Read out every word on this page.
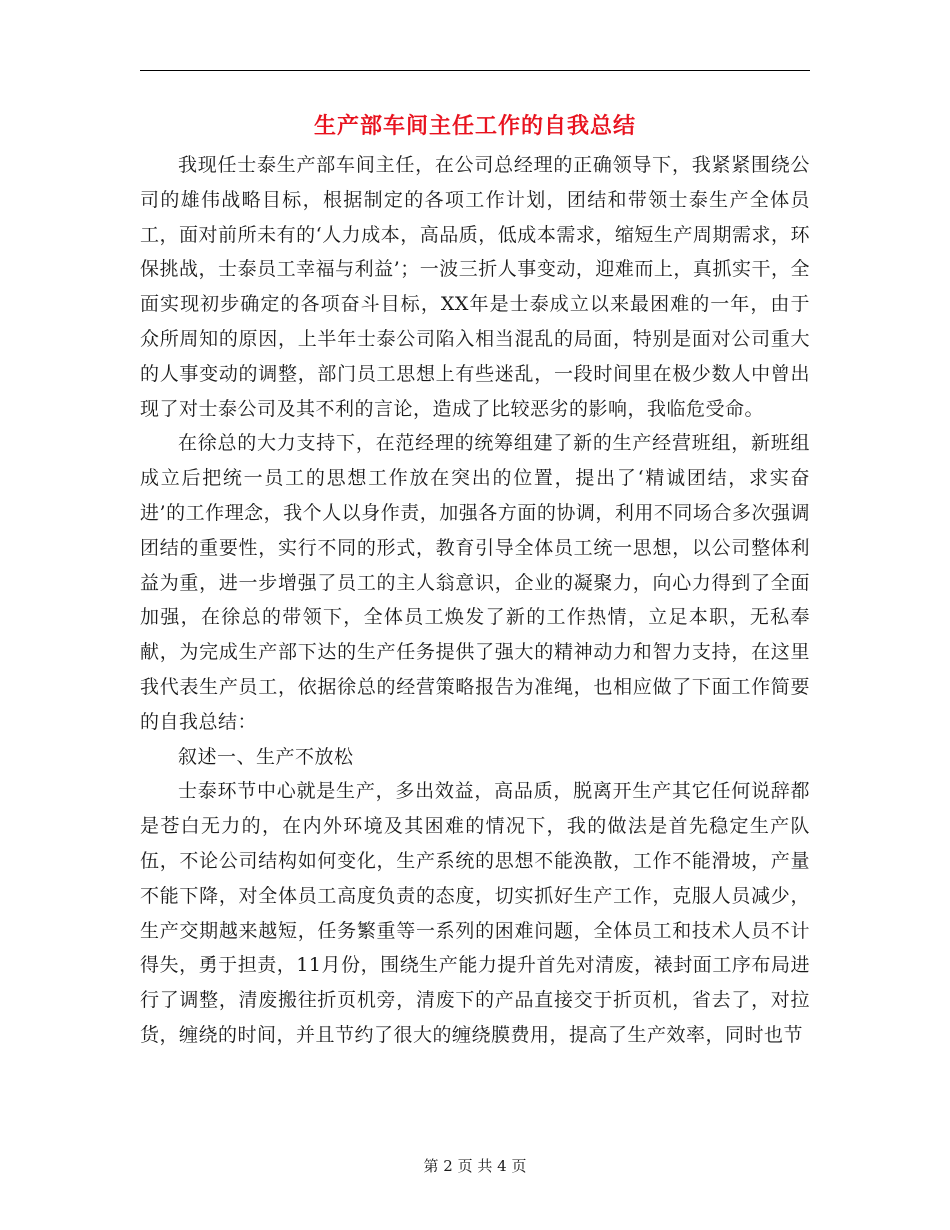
生产部车间主任工作的自我总结

我现任士泰生产部车间主任，在公司总经理的正确领导下，我紧紧围绕公司的雄伟战略目标，根据制定的各项工作计划，团结和带领士泰生产全体员工，面对前所未有的‘人力成本，高品质，低成本需求，缩短生产周期需求，环保挑战，士泰员工幸福与利益’；一波三折人事变动，迎难而上，真抓实干，全面实现初步确定的各项奋斗目标，XX年是士泰成立以来最困难的一年，由于众所周知的原因，上半年士泰公司陷入相当混乱的局面，特别是面对公司重大的人事变动的调整，部门员工思想上有些迷乱，一段时间里在极少数人中曾出现了对士泰公司及其不利的言论，造成了比较恶劣的影响，我临危受命。

在徐总的大力支持下，在范经理的统筹组建了新的生产经营班组，新班组成立后把统一员工的思想工作放在突出的位置，提出了‘精诚团结，求实奋进’的工作理念，我个人以身作责，加强各方面的协调，利用不同场合多次强调团结的重要性，实行不同的形式，教育引导全体员工统一思想，以公司整体利益为重，进一步增强了员工的主人翁意识，企业的凝聚力，向心力得到了全面加强，在徐总的带领下，全体员工焕发了新的工作热情，立足本职，无私奉献，为完成生产部下达的生产任务提供了强大的精神动力和智力支持，在这里我代表生产员工，依据徐总的经营策略报告为准绳，也相应做了下面工作简要的自我总结：

叙述一、生产不放松

士泰环节中心就是生产，多出效益，高品质，脱离开生产其它任何说辞都是苍白无力的，在内外环境及其困难的情况下，我的做法是首先稳定生产队伍，不论公司结构如何变化，生产系统的思想不能涣散，工作不能滑坡，产量不能下降，对全体员工高度负责的态度，切实抓好生产工作，克服人员减少，生产交期越来越短，任务繁重等一系列的困难问题，全体员工和技术人员不计得失，勇于担责，11月份，围绕生产能力提升首先对清废，裱封面工序布局进行了调整，清废搬往折页机旁，清废下的产品直接交于折页机，省去了，对拉货，缠绕的时间，并且节约了很大的缠绕膜费用，提高了生产效率，同时也节

第 2 页 共 4 页
